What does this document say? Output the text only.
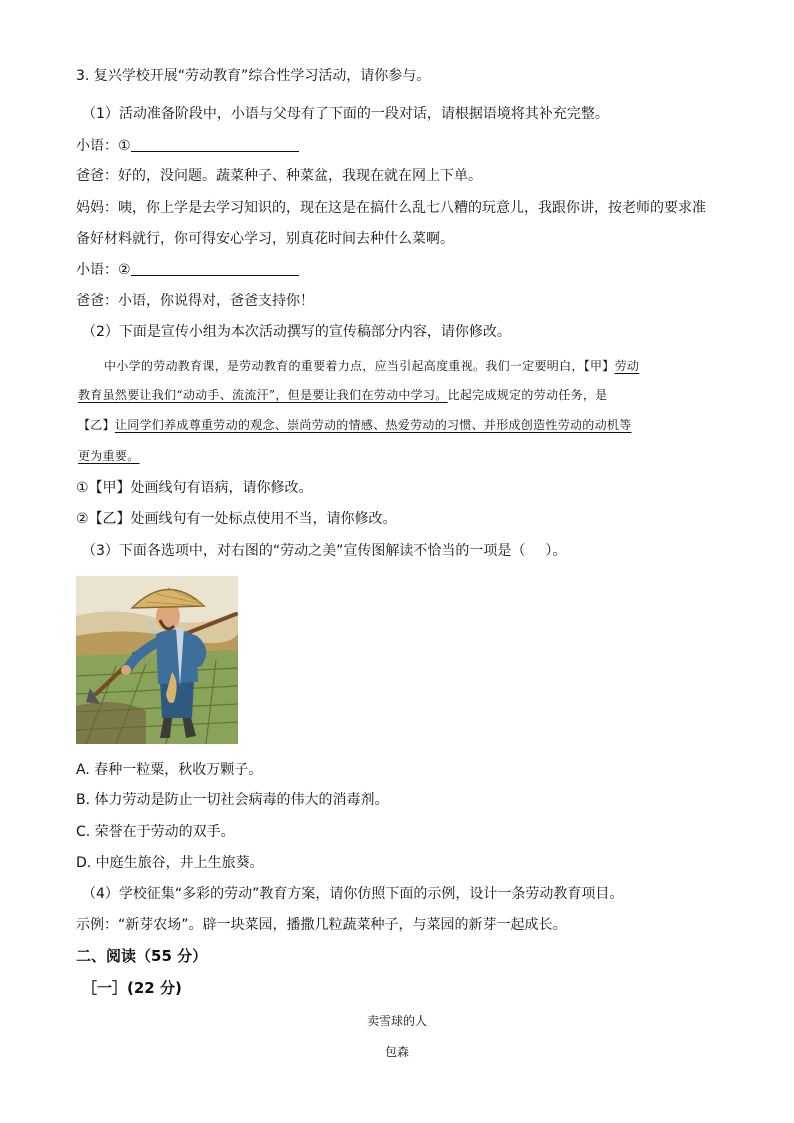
3. 复兴学校开展“劳动教育”综合性学习活动，请你参与。
（1）活动准备阶段中，小语与父母有了下面的一段对话，请根据语境将其补充完整。
小语：①
爸爸：好的，没问题。蔬菜种子、种菜盆，我现在就在网上下单。
妈妈：咦，你上学是去学习知识的，现在这是在搞什么乱七八糟的玩意儿，我跟你讲，按老师的要求准
备好材料就行，你可得安心学习，别真花时间去种什么菜啊。
小语：②
爸爸：小语，你说得对，爸爸支持你！
（2）下面是宣传小组为本次活动撰写的宣传稿部分内容，请你修改。
中小学的劳动教育课，是劳动教育的重要着力点，应当引起高度重视。我们一定要明白，【甲】劳动
教育虽然要让我们“动动手、流流汗”，但是要让我们在劳动中学习。比起完成规定的劳动任务，是
【乙】让同学们养成尊重劳动的观念、崇尚劳动的情感、热爱劳动的习惯、并形成创造性劳动的动机等
更为重要。
①【甲】处画线句有语病，请你修改。
②【乙】处画线句有一处标点使用不当，请你修改。
（3）下面各选项中，对右图的“劳动之美”宣传图解读不恰当的一项是（ ）。
A. 春种一粒粟，秋收万颗子。
B. 体力劳动是防止一切社会病毒的伟大的消毒剂。
C. 荣誉在于劳动的双手。
D. 中庭生旅谷，井上生旅葵。
（4）学校征集“多彩的劳动”教育方案，请你仿照下面的示例，设计一条劳动教育项目。
示例：“新芽农场”。辟一块菜园，播撒几粒蔬菜种子，与菜园的新芽一起成长。
二、阅读（55 分）
［一］(22 分)
卖雪球的人
包森
